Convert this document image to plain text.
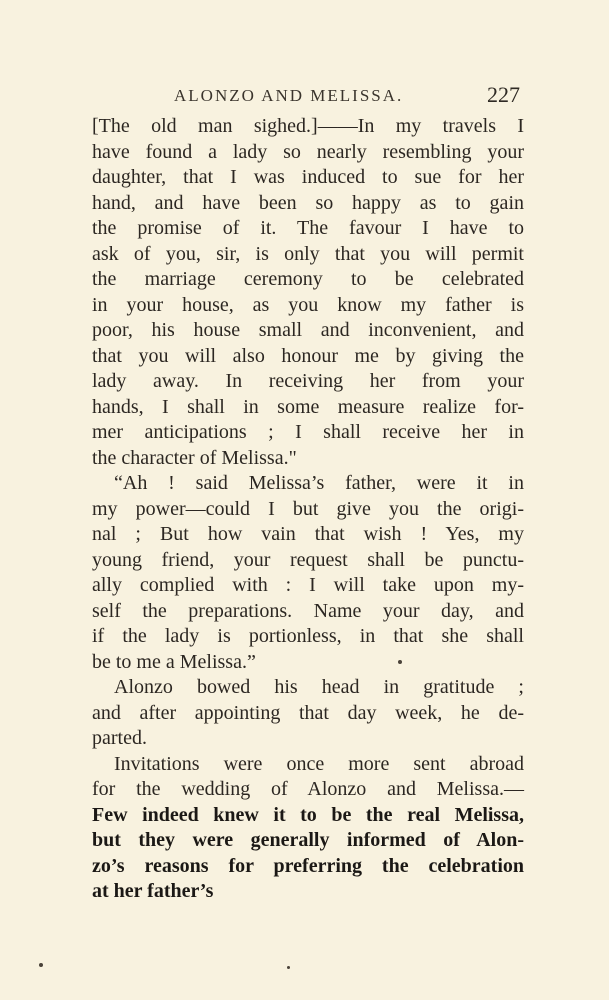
ALONZO AND MELISSA.	227
[The old man sighed.]——In my travels I
have found a lady so nearly resembling your
daughter, that I was induced to sue for her
hand, and have been so happy as to gain
the promise of it. The favour I have to
ask of you, sir, is only that you will permit
the marriage ceremony to be celebrated
in your house, as you know my father is
poor, his house small and inconvenient, and
that you will also honour me by giving the
lady away. In receiving her from your
hands, I shall in some measure realize for-
mer anticipations ; I shall receive her in
the character of Melissa."
“Ah ! said Melissa’s father, were it in
my power—could I but give you the origi-
nal ; But how vain that wish ! Yes, my
young friend, your request shall be punctu-
ally complied with : I will take upon my-
self the preparations. Name your day, and
if the lady is portionless, in that she shall
be to me a Melissa.”
Alonzo bowed his head in gratitude ;
and after appointing that day week, he de-
parted.
Invitations were once more sent abroad
for the wedding of Alonzo and Melissa.—
Few indeed knew it to be the real Melissa,
but they were generally informed of Alon-
zo’s reasons for preferring the celebration
at her father’s
